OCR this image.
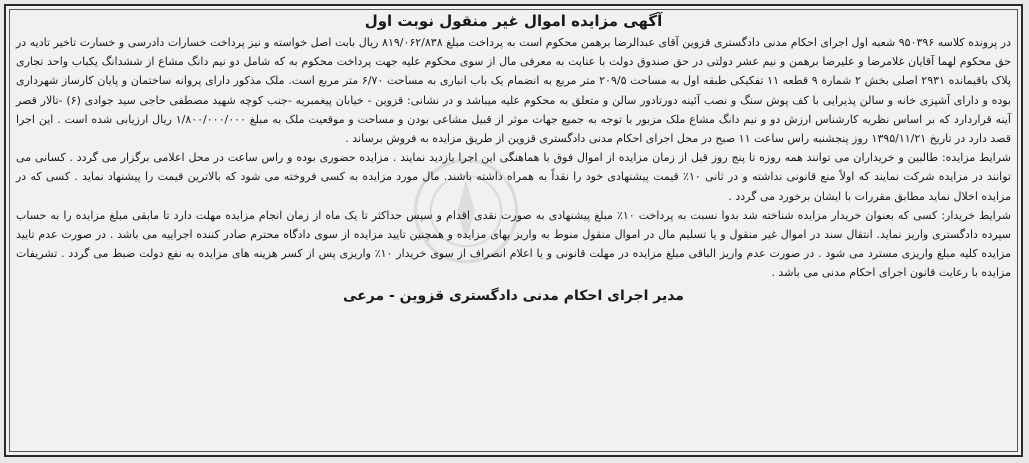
آگهی مزایده اموال غیر منقول نوبت اول

در پرونده کلاسه ۹۵۰۳۹۶ شعبه اول اجرای احکام مدنی دادگستری قزوین آقای عبدالرضا برهمن محکوم است به پرداخت مبلغ ۸۱۹/۰۶۲/۸۳۸ ریال بابت اصل خواسته و نیز پرداخت خسارات دادرسی و خسارت تاخیر تادیه در حق محکوم لهما آقایان غلامرضا و علیرضا برهمن و نیم عشر دولتی در حق صندوق دولت با عنایت به معرفی مال از سوی محکوم علیه جهت پرداخت محکوم به که شامل دو نیم دانگ مشاع از ششدانگ یکباب واحد تجاری پلاک باقیمانده ۲۹۳۱ اصلی بخش ۲ شماره ۹ قطعه ۱۱ تفکیکی طبقه اول به مساحت ۲۰۹/۵ متر مربع به انضمام یک باب انباری به مساحت ۶/۷۰ متر مربع است. ملک مذکور دارای پروانه ساختمان و پایان کارساز شهرداری بوده و دارای آشپزی خانه و سالن پذیرایی با کف پوش سنگ و نصب آئینه دورتادور سالن و متعلق به محکوم علیه میباشد و در نشانی: قزوین - خیابان پیغمبریه -جنب کوچه شهید مصطفی حاجی سید جوادی (۶) -تالار قصر آینه قراردارد که بر اساس نظریه کارشناس ارزش دو و نیم دانگ مشاع ملک مزبور با توجه به جمیع جهات موثر از قبیل مشاعی بودن و مساحت و موقعیت ملک به مبلغ ۱/۸۰۰/۰۰۰/۰۰۰ ریال ارزیابی شده است . این اجرا قصد دارد در تاریخ ۱۳۹۵/۱۱/۲۱ روز پنجشنبه راس ساعت ۱۱ صبح در محل اجرای احکام مدنی دادگستری قزوین از طریق مزایده به فروش برساند .

شرایط مزایده: طالبین و خریداران می توانند همه روزه تا پنج روز قبل از زمان مزایده از اموال فوق با هماهنگی این اجرا بازدید نمایند . مزایده حضوری بوده و راس ساعت در محل اعلامی برگزار می گردد . کسانی می توانند در مزایده شرکت نمایند که اولاً منع قانونی نداشته و در ثانی ۱۰٪ قیمت پیشنهادی خود را نقداً به همراه داشته باشند. مال مورد مزایده به کسی فروخته می شود که بالاترین قیمت را پیشنهاد نماید . کسی که در مزایده اخلال نماید مطابق مقررات با ایشان برخورد می گردد .

شرایط خریدار: کسی که بعنوان خریدار مزایده شناخته شد بدوا نسبت به پرداخت ۱۰٪ مبلغ پیشنهادی به صورت نقدی اقدام و سپس حداکثر تا یک ماه از زمان انجام مزایده مهلت دارد تا مابقی مبلغ مزایده را به حساب سپرده دادگستری واریز نماید. انتقال سند در اموال غیر منقول و یا تسلیم مال در اموال منقول منوط به واریز بهای مزایده و همچنین تایید مزایده از سوی دادگاه محترم صادر کننده اجراییه می باشد . در صورت عدم تایید مزایده کلیه مبلغ واریزی مسترد می شود . در صورت عدم واریز الباقی مبلغ مزایده در مهلت قانونی و یا اعلام انصراف از سوی خریدار ۱۰٪ واریزی پس از کسر هزینه های مزایده به نفع دولت ضبط می گردد . تشریفات مزایده با رعایت قانون اجرای احکام مدنی می باشد .

مدیر اجرای احکام مدنی دادگستری قزوین - مرعی
